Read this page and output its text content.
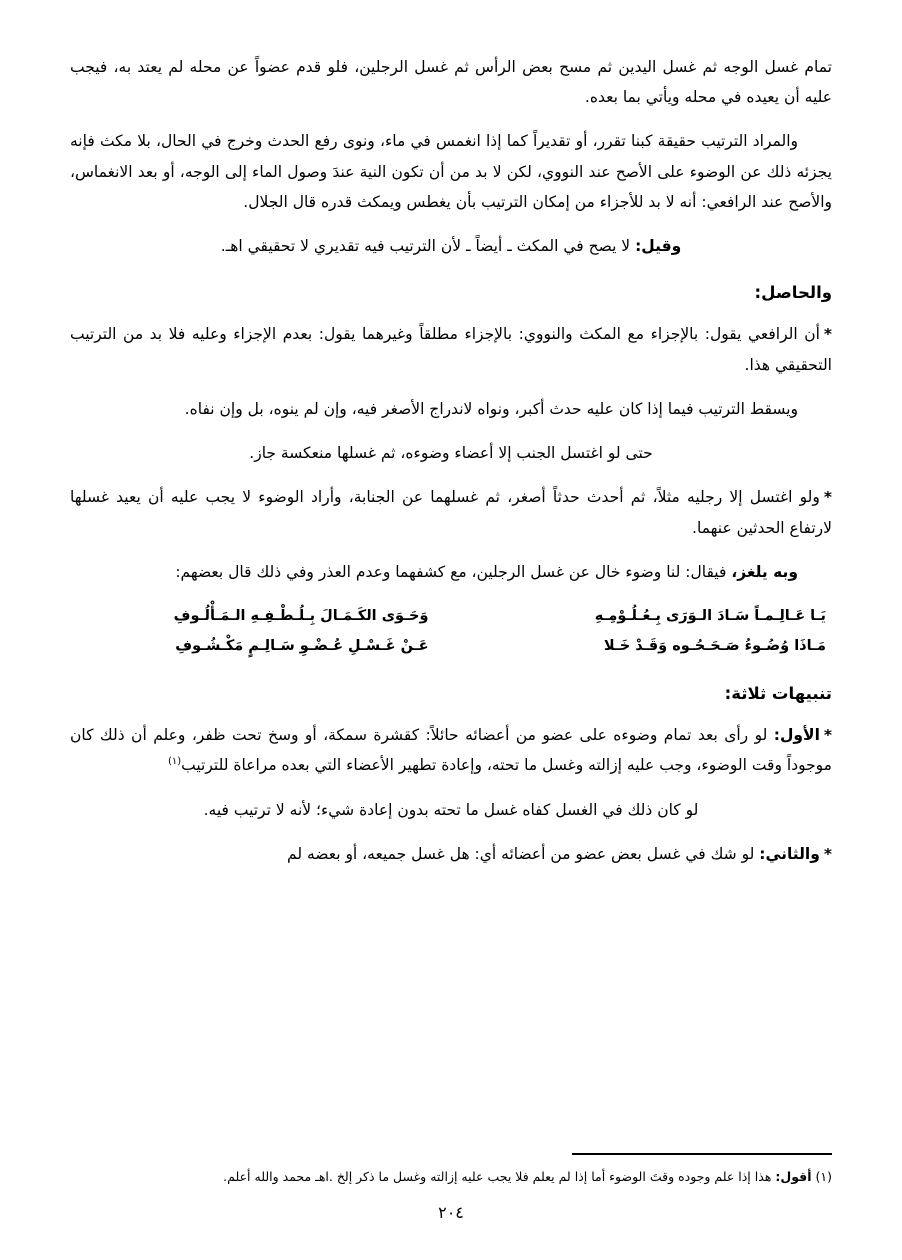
تمام غسل الوجه ثم غسل اليدين ثم مسح بعض الرأس ثم غسل الرجلين، فلو قدم عضواً عن محله لم يعتد به، فيجب عليه أن يعيده في محله ويأتي بما بعده.

والمراد الترتيب حقيقة كبنا تقرر، أو تقديراً كما إذا انغمس في ماء، ونوى رفع الحدث وخرج في الحال، بلا مكث فإنه يجزئه ذلك عن الوضوء على الأصح عند النووي، لكن لا بد من أن تكون النية عندَ وصول الماء إلى الوجه، أو بعد الانغماس، والأصح عند الرافعي: أنه لا بد للأجزاء من إمكان الترتيب بأن يغطس ويمكث قدره قال الجلال.

وقيل: لا يصح في المكث ـ أيضاً ـ لأن الترتيب فيه تقديري لا تحقيقي اهـ.

والحاصل:

*أن الرافعي يقول: بالإجزاء مع المكث والنووي: بالإجزاء مطلقاً وغيرهما يقول: بعدم الإجزاء وعليه فلا بد من الترتيب التحقيقي هذا.

ويسقط الترتيب فيما إذا كان عليه حدث أكبر، ونواه لاندراج الأصغر فيه، وإن لم ينوه، بل وإن نفاه.

حتى لو اغتسل الجنب إلا أعضاء وضوءه، ثم غسلها منعكسة جاز.

*ولو اغتسل إلا رجليه مثلاً، ثم أحدث حدثاً أصغر، ثم غسلهما عن الجنابة، وأراد الوضوء لا يجب عليه أن يعيد غسلها لارتفاع الحدثين عنهما.

وبه يلغز، فيقال: لنا وضوء خال عن غسل الرجلين، مع كشفهما وعدم العذر وفي ذلك قال بعضهم:

يَـا عَـالِـمـاً سَـادَ الـوَرَى بِـعُـلُـوْمِـهِ
وَحَـوَى الكَـمَـالَ بِـلُـطْـفِـهِ الـمَـأْلُـوفِ
مَـاذَا وُضُـوءُ صَـحَـحُـوه وَقَـدْ خَـلا
عَـنْ غَـسْـلِ عُـضْـوِ سَـالِـمٍ مَكْـشُـوفِ
تنبيهات ثلاثة:

*الأول: لو رأى بعد تمام وضوءه على عضو من أعضائه حائلاً: كقشرة سمكة، أو وسخ تحت ظفر، وعلم أن ذلك كان موجوداً وقت الوضوء، وجب عليه إزالته وغسل ما تحته، وإعادة تطهير الأعضاء التي بعده مراعاة للترتيب$^{(١)}$

لو كان ذلك في الغسل كفاه غسل ما تحته بدون إعادة شيء؛ لأنه لا ترتيب فيه.

*والثاني: لو شك في غسل بعض عضو من أعضائه أي: هل غسل جميعه، أو بعضه لم

(١) أقول: هذا إذا علم وجوده وقتَ الوضوء أما إذا لم يعلم فلا يجب عليه إزالته وغسل ما ذكر إلخ .اهـ محمد والله أعلم.
٢٠٤
